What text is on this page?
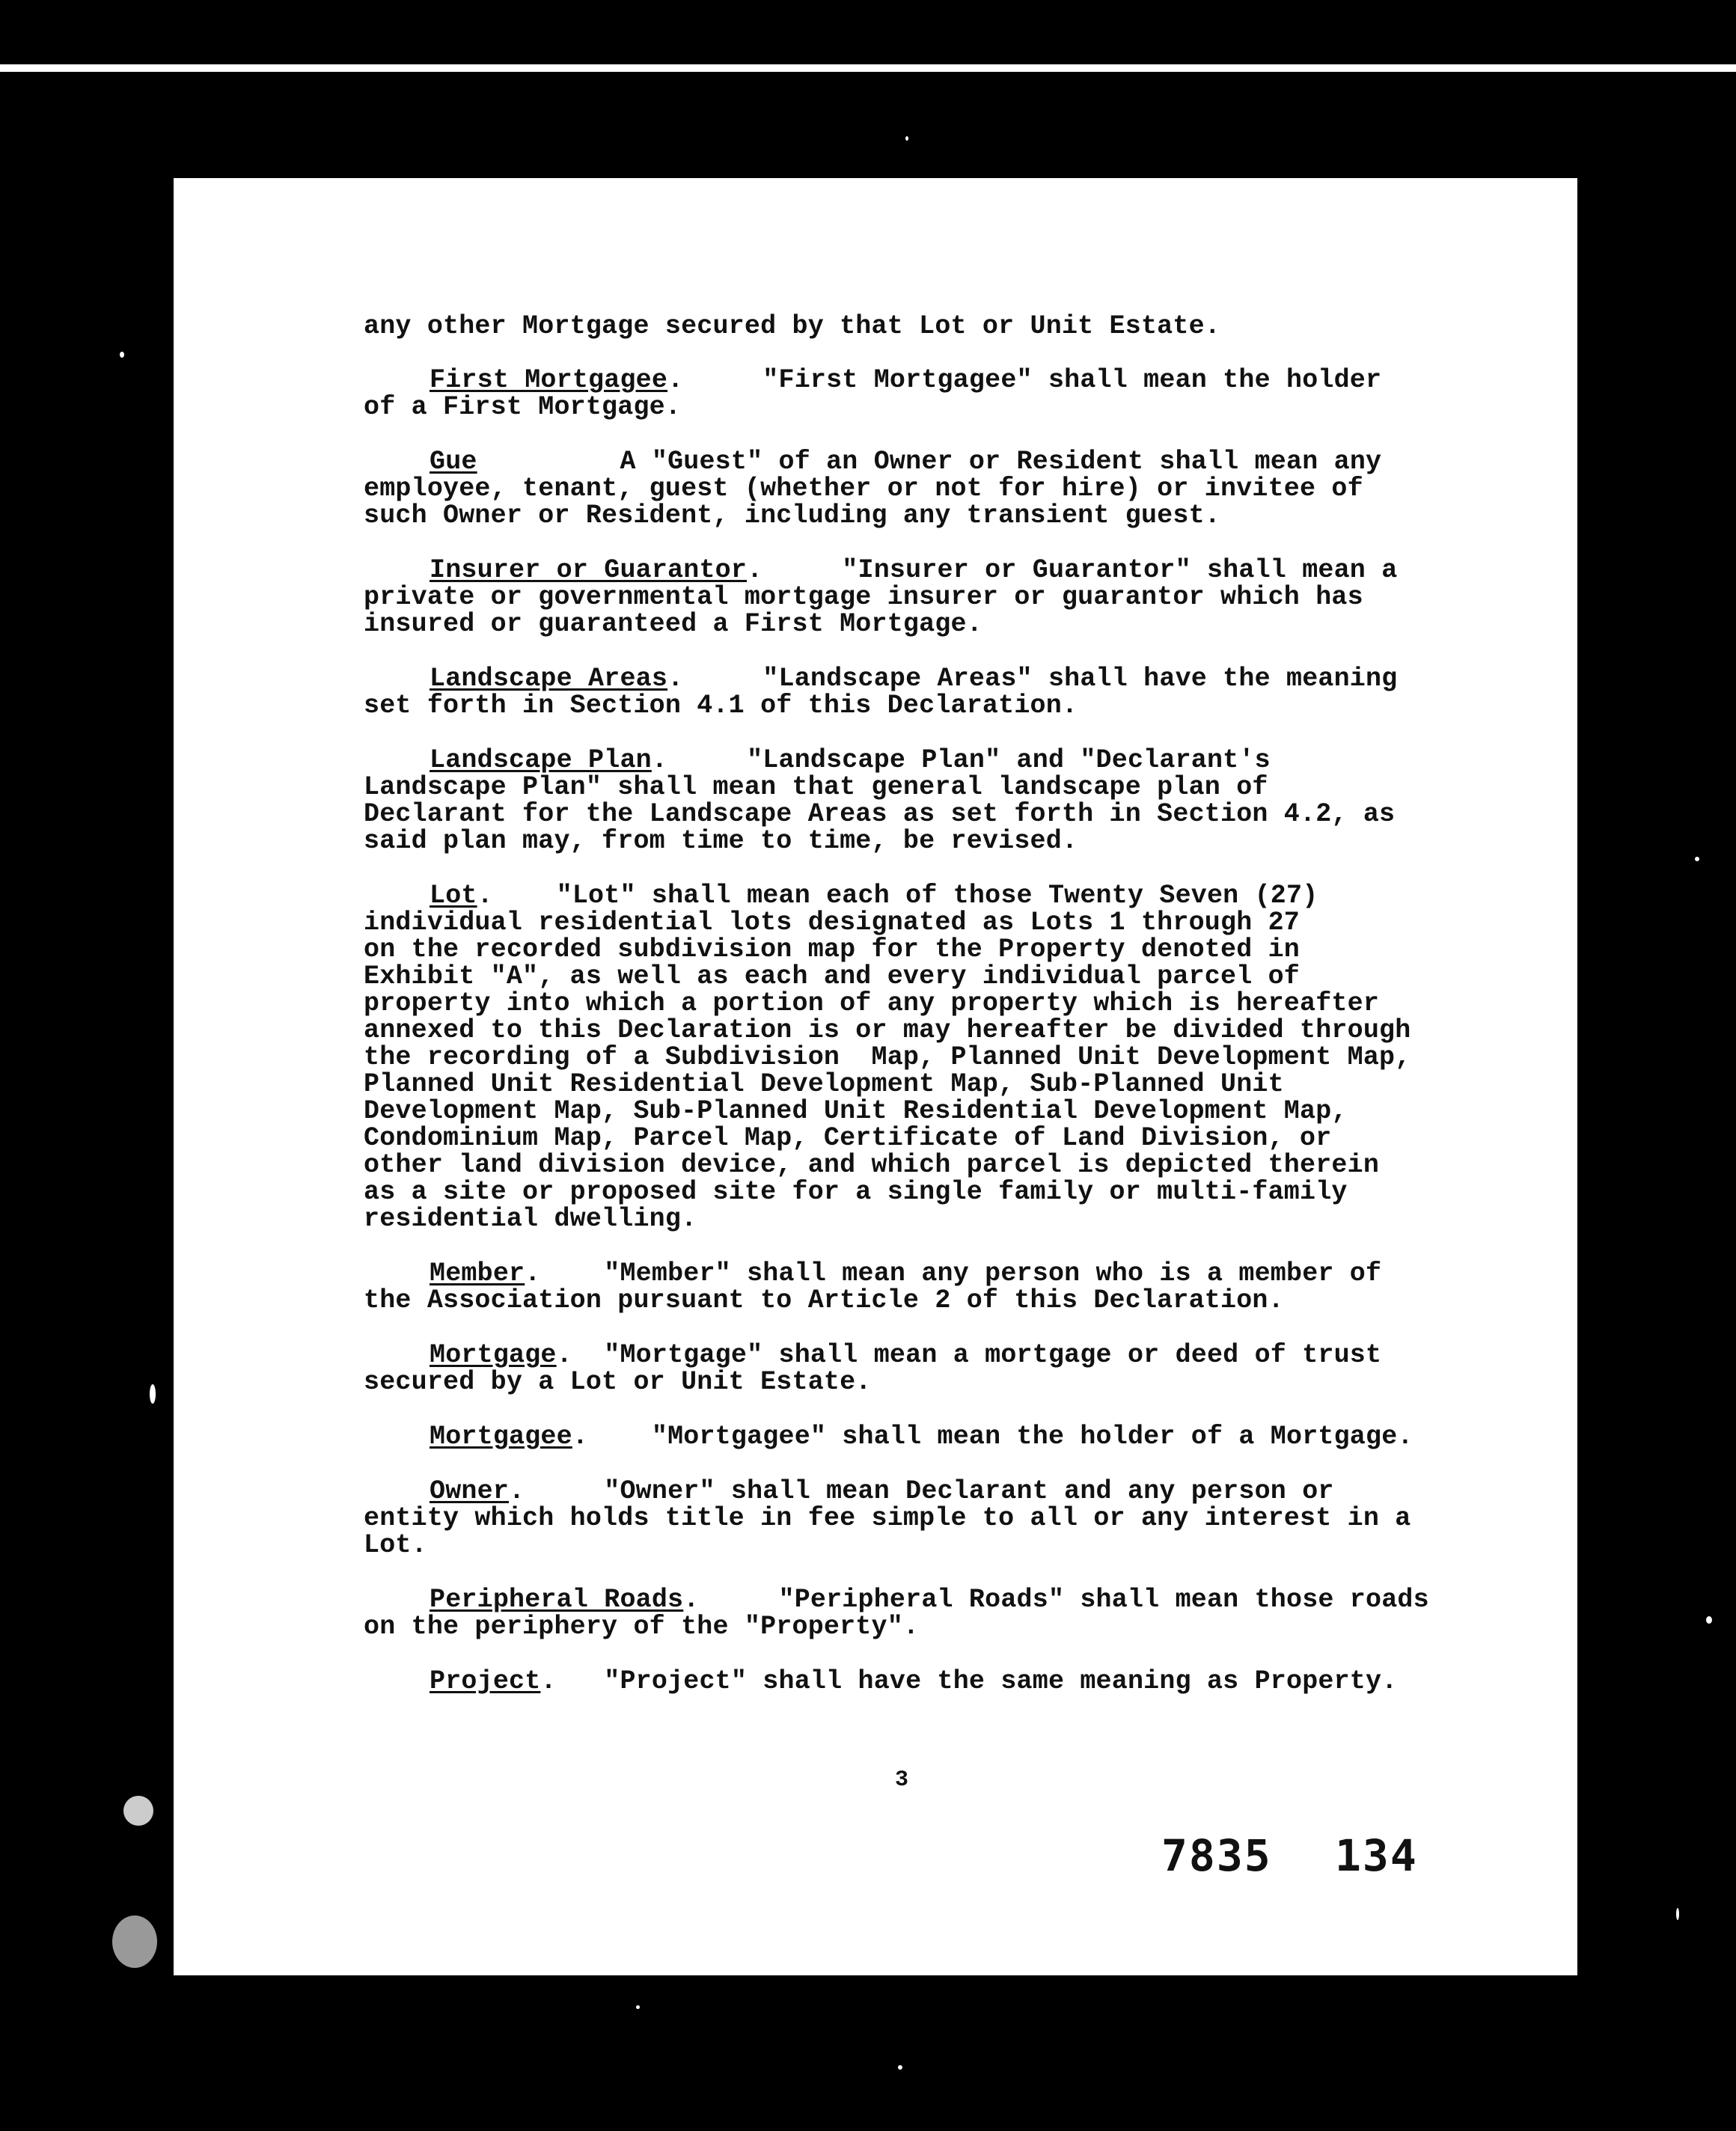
any other Mortgage secured by that Lot or Unit Estate.

First Mortgagee.     "First Mortgagee" shall mean the holder
of a First Mortgage.

Gue	A "Guest" of an Owner or Resident shall mean any
employee, tenant, guest (whether or not for hire) or invitee of
such Owner or Resident, including any transient guest.

Insurer or Guarantor.     "Insurer or Guarantor" shall mean a
private or governmental mortgage insurer or guarantor which has
insured or guaranteed a First Mortgage.

Landscape Areas.     "Landscape Areas" shall have the meaning
set forth in Section 4.1 of this Declaration.

Landscape Plan.     "Landscape Plan" and "Declarant's
Landscape Plan" shall mean that general landscape plan of
Declarant for the Landscape Areas as set forth in Section 4.2, as
said plan may, from time to time, be revised.

Lot.    "Lot" shall mean each of those Twenty Seven (27)
individual residential lots designated as Lots 1 through 27
on the recorded subdivision map for the Property denoted in
Exhibit "A", as well as each and every individual parcel of
property into which a portion of any property which is hereafter
annexed to this Declaration is or may hereafter be divided through
the recording of a Subdivision  Map, Planned Unit Development Map,
Planned Unit Residential Development Map, Sub-Planned Unit
Development Map, Sub-Planned Unit Residential Development Map,
Condominium Map, Parcel Map, Certificate of Land Division, or
other land division device, and which parcel is depicted therein
as a site or proposed site for a single family or multi-family
residential dwelling.

Member.    "Member" shall mean any person who is a member of
the Association pursuant to Article 2 of this Declaration.

Mortgage.  "Mortgage" shall mean a mortgage or deed of trust
secured by a Lot or Unit Estate.

Mortgagee.    "Mortgagee" shall mean the holder of a Mortgage.

Owner.     "Owner" shall mean Declarant and any person or
entity which holds title in fee simple to all or any interest in a
Lot.

Peripheral Roads.     "Peripheral Roads" shall mean those roads
on the periphery of the "Property".

Project.   "Project" shall have the same meaning as Property.

3
7835 134
